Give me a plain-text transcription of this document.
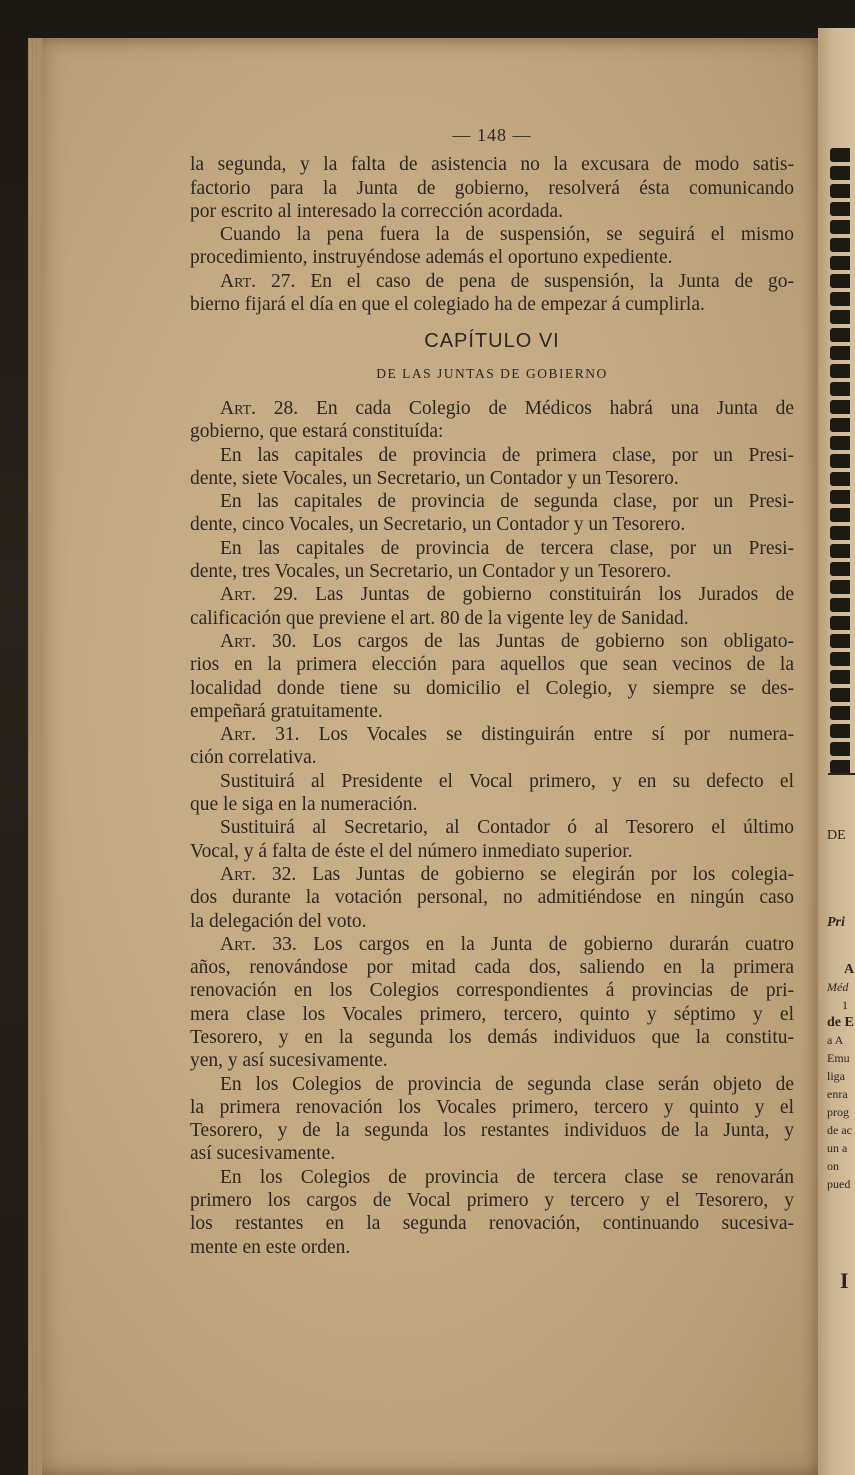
DE
Pri
A
Méd
1
de E
a A
Emu
liga
enra
prog
de ac
un a
on
pued
I
— 148 —
la segunda, y la falta de asistencia no la excusara de modo satis-
factorio para la Junta de gobierno, resolverá ésta comunicando
por escrito al interesado la corrección acordada.
Cuando la pena fuera la de suspensión, se seguirá el mismo
procedimiento, instruyéndose además el oportuno expediente.
Art. 27. En el caso de pena de suspensión, la Junta de go-
bierno fijará el día en que el colegiado ha de empezar á cumplirla.
CAPÍTULO VI
DE LAS JUNTAS DE GOBIERNO
Art. 28. En cada Colegio de Médicos habrá una Junta de
gobierno, que estará constituída:
En las capitales de provincia de primera clase, por un Presi-
dente, siete Vocales, un Secretario, un Contador y un Tesorero.
En las capitales de provincia de segunda clase, por un Presi-
dente, cinco Vocales, un Secretario, un Contador y un Tesorero.
En las capitales de provincia de tercera clase, por un Presi-
dente, tres Vocales, un Secretario, un Contador y un Tesorero.
Art. 29. Las Juntas de gobierno constituirán los Jurados de
calificación que previene el art. 80 de la vigente ley de Sanidad.
Art. 30. Los cargos de las Juntas de gobierno son obligato-
rios en la primera elección para aquellos que sean vecinos de la
localidad donde tiene su domicilio el Colegio, y siempre se des-
empeñará gratuitamente.
Art. 31. Los Vocales se distinguirán entre sí por numera-
ción correlativa.
Sustituirá al Presidente el Vocal primero, y en su defecto el
que le siga en la numeración.
Sustituirá al Secretario, al Contador ó al Tesorero el último
Vocal, y á falta de éste el del número inmediato superior.
Art. 32. Las Juntas de gobierno se elegirán por los colegia-
dos durante la votación personal, no admitiéndose en ningún caso
la delegación del voto.
Art. 33. Los cargos en la Junta de gobierno durarán cuatro
años, renovándose por mitad cada dos, saliendo en la primera
renovación en los Colegios correspondientes á provincias de pri-
mera clase los Vocales primero, tercero, quinto y séptimo y el
Tesorero, y en la segunda los demás individuos que la constitu-
yen, y así sucesivamente.
En los Colegios de provincia de segunda clase serán objeto de
la primera renovación los Vocales primero, tercero y quinto y el
Tesorero, y de la segunda los restantes individuos de la Junta, y
así sucesivamente.
En los Colegios de provincia de tercera clase se renovarán
primero los cargos de Vocal primero y tercero y el Tesorero, y
los restantes en la segunda renovación, continuando sucesiva-
mente en este orden.
